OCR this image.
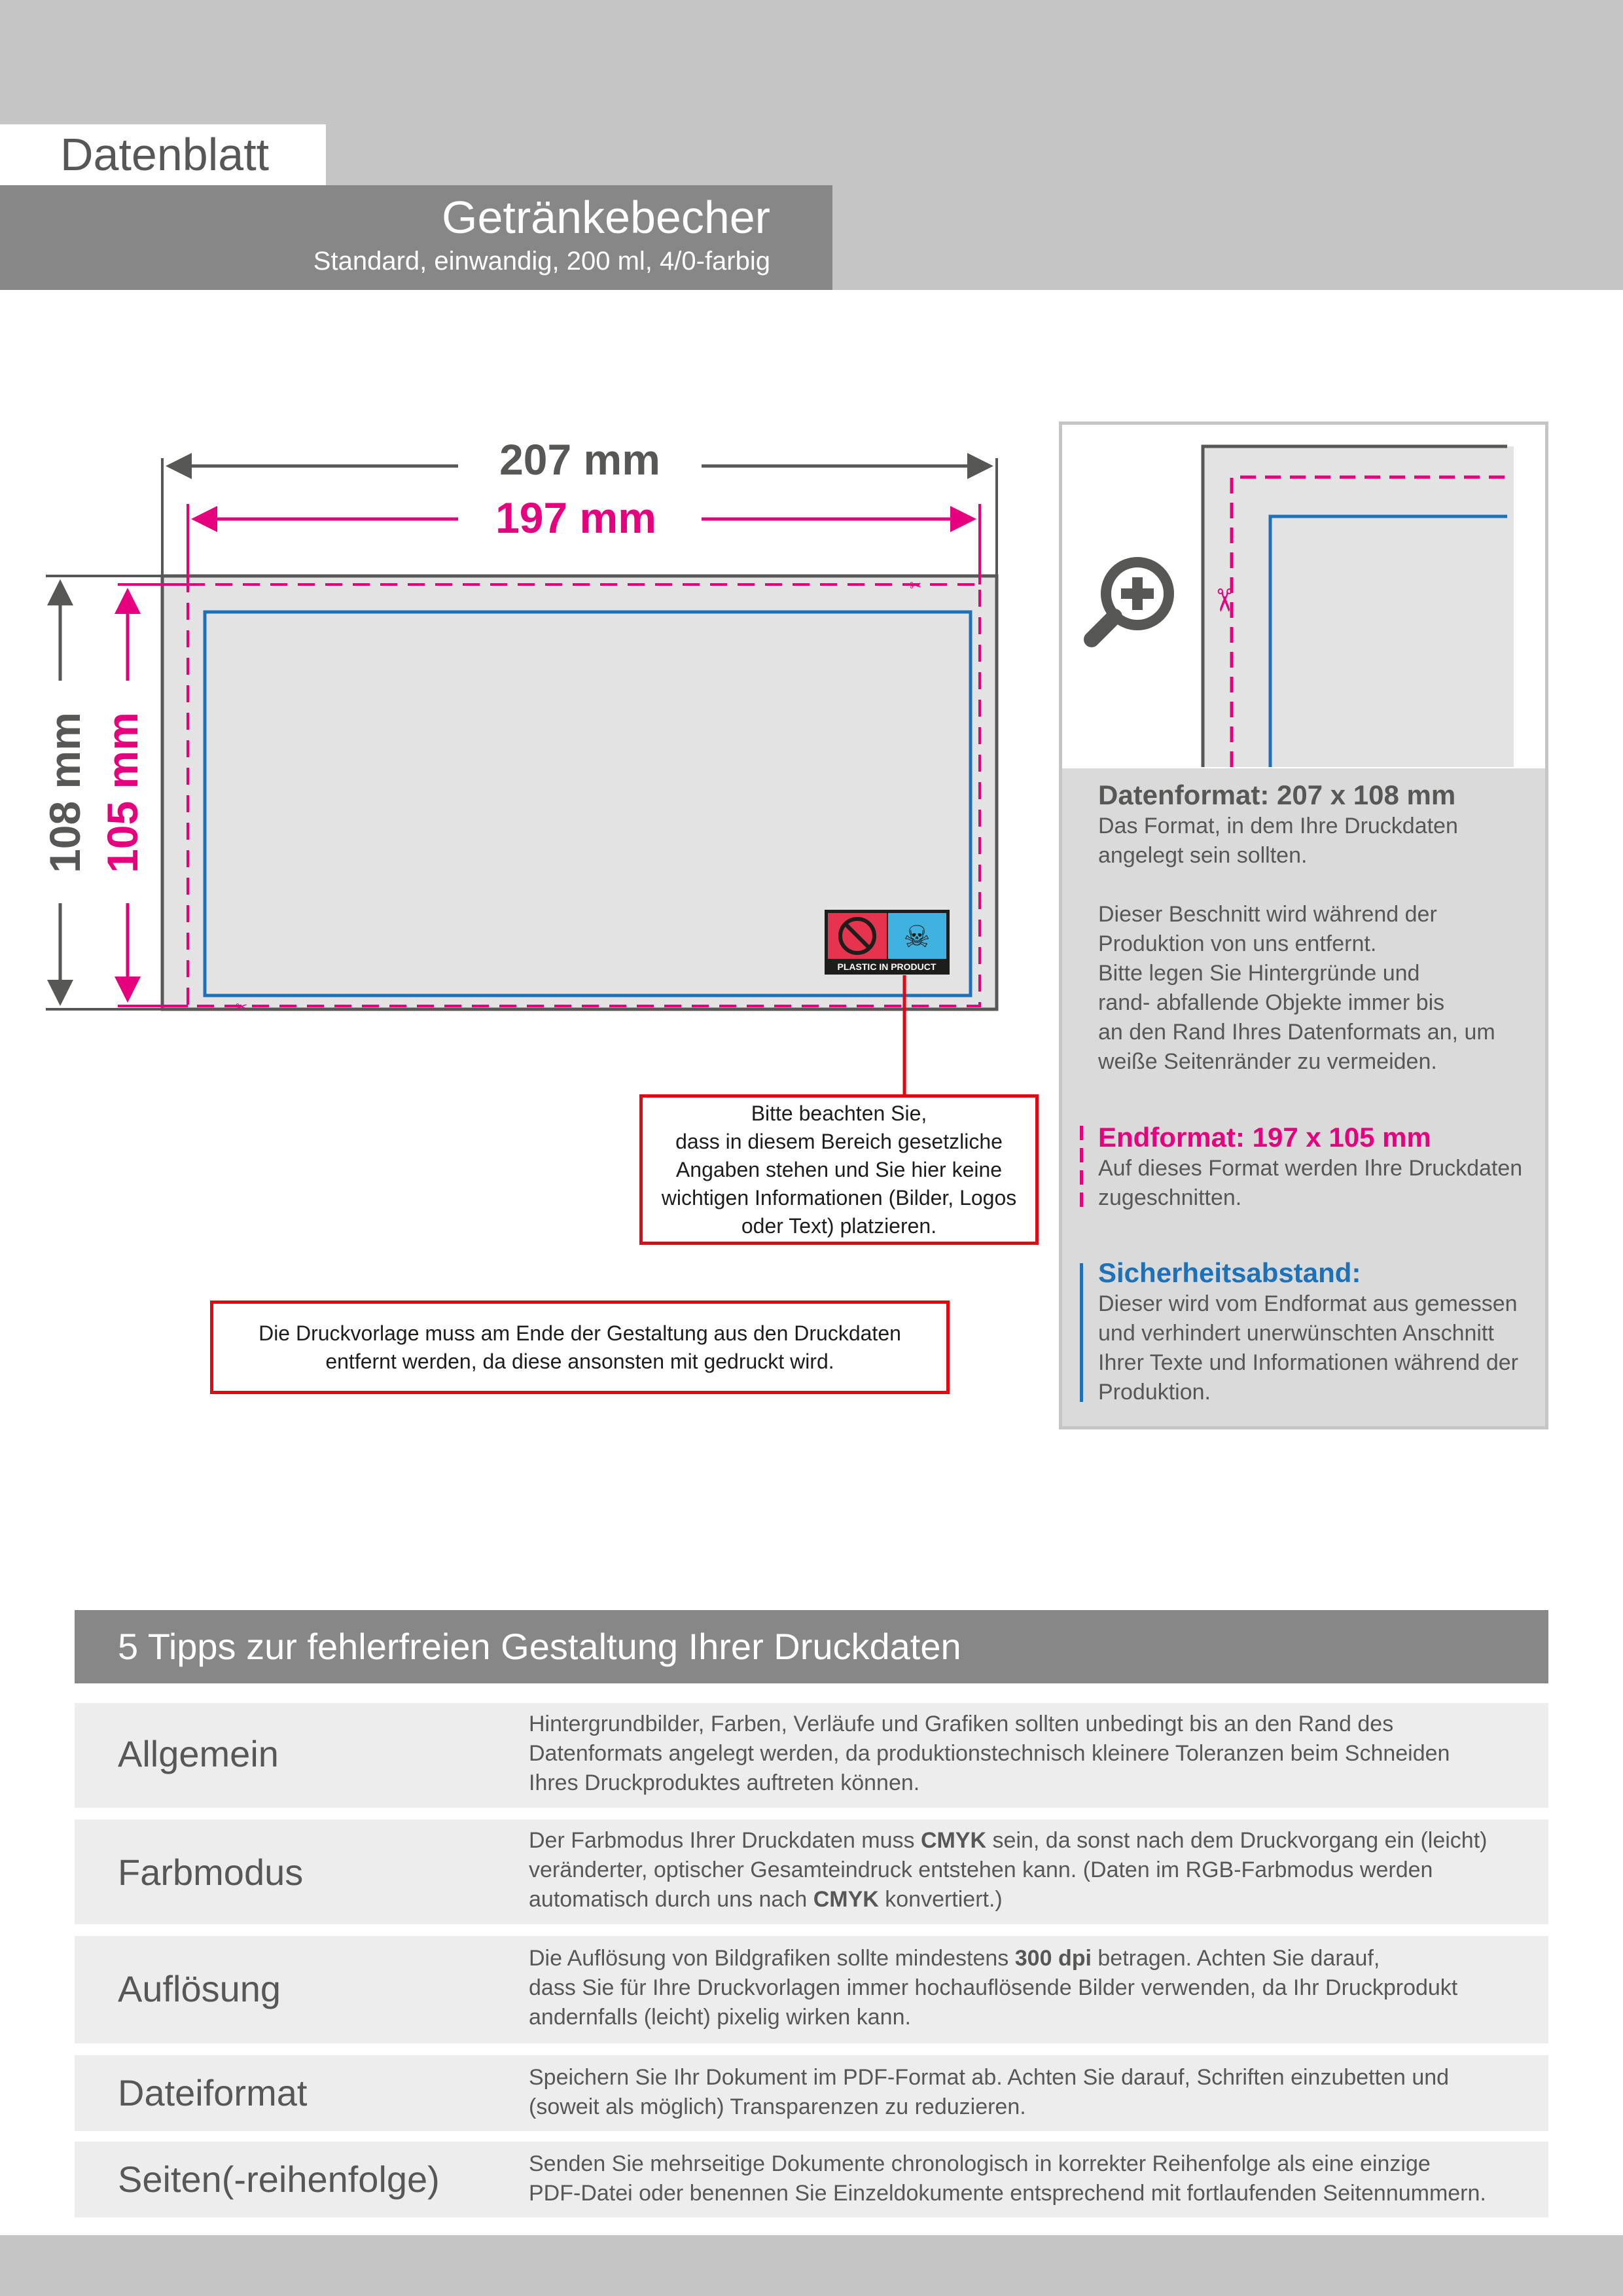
Datenblatt
Getränkebecher
Standard, einwandig, 200 ml, 4/0-farbig
✂
✂
207 mm
197 mm
108 mm 105 mm
☠
PLASTIC IN PRODUCT
Bitte beachten Sie,
dass in diesem Bereich gesetzliche
Angaben stehen und Sie hier keine
wichtigen Informationen (Bilder, Logos
oder Text) platzieren.
Die Druckvorlage muss am Ende der Gestaltung aus den Druckdaten
entfernt werden, da diese ansonsten mit gedruckt wird.
✂
Datenformat: 207 x 108 mm
Das Format, in dem Ihre Druckdaten
angelegt sein sollten.
Dieser Beschnitt wird während der
Produktion von uns entfernt.
Bitte legen Sie Hintergründe und
rand- abfallende Objekte immer bis
an den Rand Ihres Datenformats an, um
weiße Seitenränder zu vermeiden.
Endformat: 197 x 105 mm
Auf dieses Format werden Ihre Druckdaten
zugeschnitten.
Sicherheitsabstand:
Dieser wird vom Endformat aus gemessen
und verhindert unerwünschten Anschnitt
Ihrer Texte und Informationen während der
Produktion.
5 Tipps zur fehlerfreien Gestaltung Ihrer Druckdaten
Allgemein
Hintergrundbilder, Farben, Verläufe und Grafiken sollten unbedingt bis an den Rand des
Datenformats angelegt werden, da produktionstechnisch kleinere Toleranzen beim Schneiden
Ihres Druckproduktes auftreten können.
Farbmodus
Der Farbmodus Ihrer Druckdaten muss CMYK sein, da sonst nach dem Druckvorgang ein (leicht)
veränderter, optischer Gesamteindruck entstehen kann. (Daten im RGB-Farbmodus werden
automatisch durch uns nach CMYK konvertiert.)
Auflösung
Die Auflösung von Bildgrafiken sollte mindestens 300 dpi betragen. Achten Sie darauf,
dass Sie für Ihre Druckvorlagen immer hochauflösende Bilder verwenden, da Ihr Druckprodukt
andernfalls (leicht) pixelig wirken kann.
Dateiformat	Speichern Sie Ihr Dokument im PDF-Format ab. Achten Sie darauf, Schriften einzubetten und
(soweit als möglich) Transparenzen zu reduzieren.
Seiten(-reihenfolge)	Senden Sie mehrseitige Dokumente chronologisch in korrekter Reihenfolge als eine einzige
PDF-Datei oder benennen Sie Einzeldokumente entsprechend mit fortlaufenden Seitennummern.
